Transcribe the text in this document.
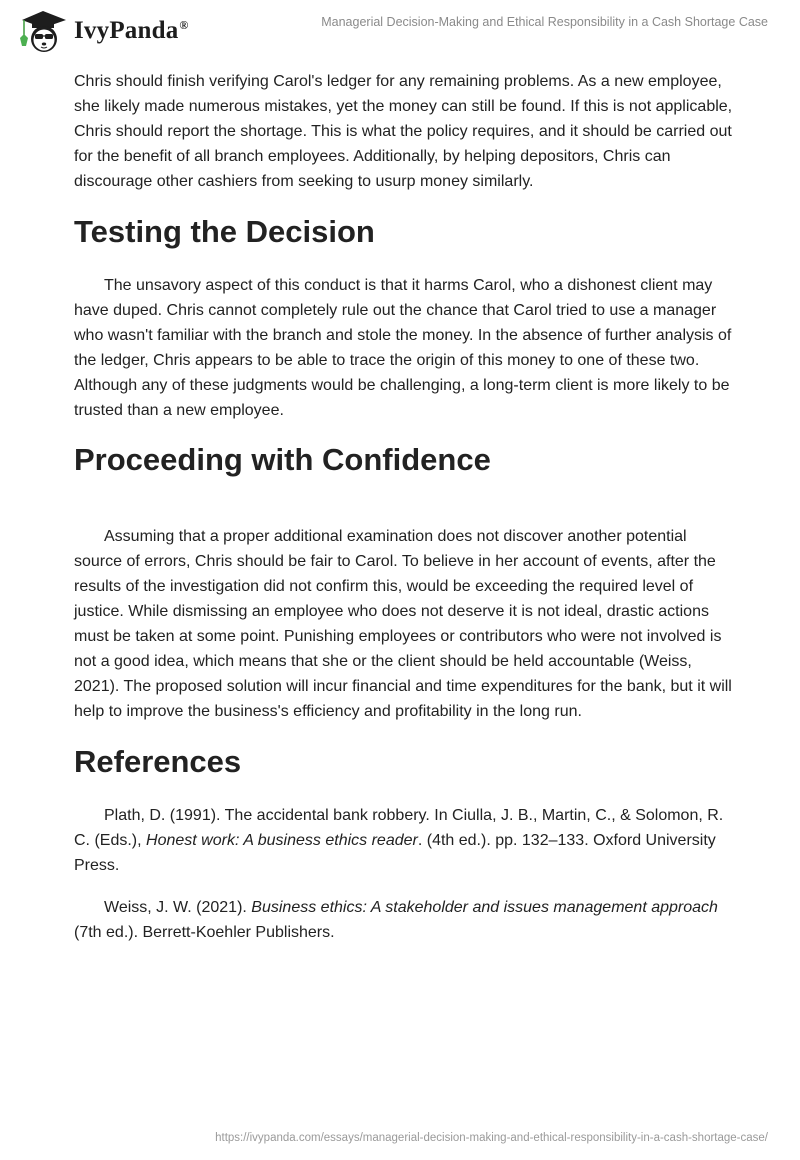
IvyPanda®	Managerial Decision-Making and Ethical Responsibility in a Cash Shortage Case

Chris should finish verifying Carol's ledger for any remaining problems. As a new employee, she likely made numerous mistakes, yet the money can still be found. If this is not applicable, Chris should report the shortage. This is what the policy requires, and it should be carried out for the benefit of all branch employees. Additionally, by helping depositors, Chris can discourage other cashiers from seeking to usurp money similarly.

Testing the Decision

The unsavory aspect of this conduct is that it harms Carol, who a dishonest client may have duped. Chris cannot completely rule out the chance that Carol tried to use a manager who wasn't familiar with the branch and stole the money. In the absence of further analysis of the ledger, Chris appears to be able to trace the origin of this money to one of these two. Although any of these judgments would be challenging, a long-term client is more likely to be trusted than a new employee.

Proceeding with Confidence

Assuming that a proper additional examination does not discover another potential source of errors, Chris should be fair to Carol. To believe in her account of events, after the results of the investigation did not confirm this, would be exceeding the required level of justice. While dismissing an employee who does not deserve it is not ideal, drastic actions must be taken at some point. Punishing employees or contributors who were not involved is not a good idea, which means that she or the client should be held accountable (Weiss, 2021). The proposed solution will incur financial and time expenditures for the bank, but it will help to improve the business's efficiency and profitability in the long run.

References

Plath, D. (1991). The accidental bank robbery. In Ciulla, J. B., Martin, C., & Solomon, R. C. (Eds.), Honest work: A business ethics reader. (4th ed.). pp. 132–133. Oxford University Press.

Weiss, J. W. (2021). Business ethics: A stakeholder and issues management approach (7th ed.). Berrett-Koehler Publishers.

https://ivypanda.com/essays/managerial-decision-making-and-ethical-responsibility-in-a-cash-shortage-case/
